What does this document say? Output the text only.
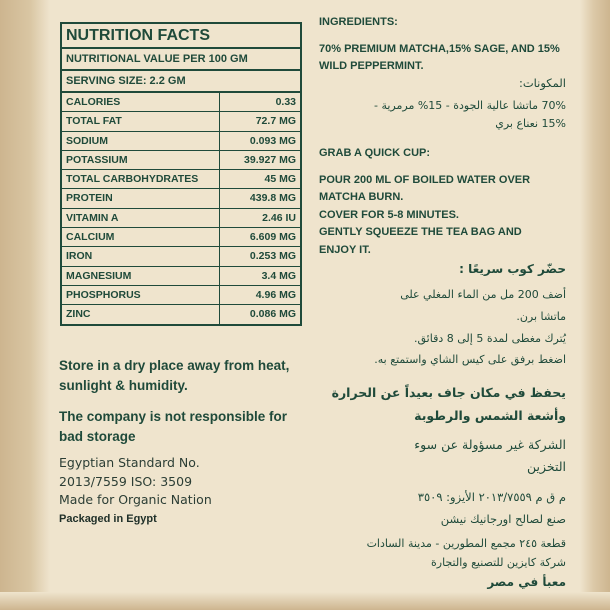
NUTRITION FACTS
NUTRITIONAL VALUE PER 100 GM
SERVING SIZE: 2.2 GM
CALORIES	0.33
TOTAL FAT	72.7 MG
SODIUM	0.093 MG
POTASSIUM	39.927 MG
TOTAL CARBOHYDRATES	45 MG
PROTEIN	439.8 MG
VITAMIN A	2.46 IU
CALCIUM	6.609 MG
IRON	0.253 MG
MAGNESIUM	3.4 MG
PHOSPHORUS	4.96 MG
ZINC	0.086 MG

Store in a dry place away from heat, sunlight & humidity.

The company is not responsible for bad storage

Egyptian Standard No.
2013/7559 ISO: 3509
Made for Organic Nation
Packaged in Egypt
INGREDIENTS:
70% PREMIUM MATCHA,15% SAGE, AND 15% WILD PEPPERMINT.
المكونات:
70% ماتشا عالية الجودة - 15% مرمرية -
15% نعناع بري
GRAB A QUICK CUP:
POUR 200 ML OF BOILED WATER OVER
MATCHA BURN.
COVER FOR 5-8 MINUTES.
GENTLY SQUEEZE THE TEA BAG AND
ENJOY IT.
حضّر كوب سريعًا :
أضف 200 مل من الماء المغلي على
ماتشا برن.
يُترك مغطى لمدة 5 إلى 8 دقائق.
اضغط برفق على كيس الشاي واستمتع به.
يحفظ في مكان جاف بعيداً عن الحرارة
وأشعة الشمس والرطوبة
الشركة غير مسؤولة عن سوء
التخزين
م ق م ٢٠١٣/٧٥٥٩ الأيزو: ٣٥٠٩
صنع لصالح اورجانيك نيشن
قطعة ٢٤٥ مجمع المطورين - مدينة السادات
شركة كايزين للتصنيع والتجارة
معبأ في مصر
